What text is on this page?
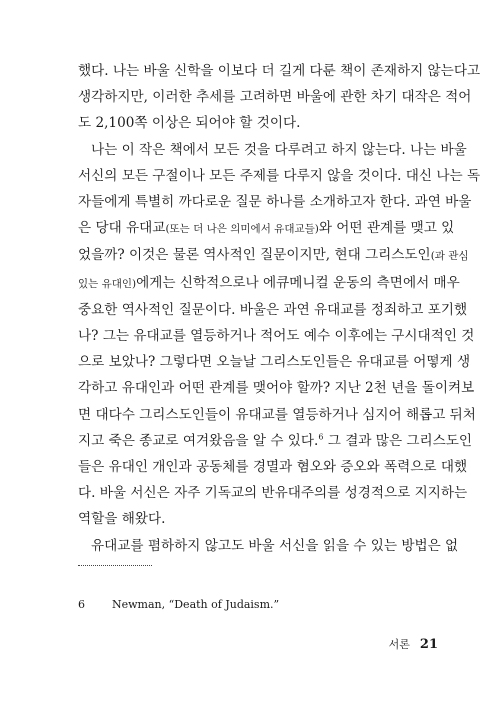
했다. 나는 바울 신학을 이보다 더 길게 다룬 책이 존재하지 않는다고
생각하지만, 이러한 추세를 고려하면 바울에 관한 차기 대작은 적어
도 2,100쪽 이상은 되어야 할 것이다.
나는 이 작은 책에서 모든 것을 다루려고 하지 않는다. 나는 바울
서신의 모든 구절이나 모든 주제를 다루지 않을 것이다. 대신 나는 독
자들에게 특별히 까다로운 질문 하나를 소개하고자 한다. 과연 바울
은 당대 유대교(또는 더 나은 의미에서 유대교들)와 어떤 관계를 맺고 있
었을까? 이것은 물론 역사적인 질문이지만, 현대 그리스도인(과 관심
있는 유대인)에게는 신학적으로나 에큐메니컬 운동의 측면에서 매우
중요한 역사적인 질문이다. 바울은 과연 유대교를 정죄하고 포기했
나? 그는 유대교를 열등하거나 적어도 예수 이후에는 구시대적인 것
으로 보았나? 그렇다면 오늘날 그리스도인들은 유대교를 어떻게 생
각하고 유대인과 어떤 관계를 맺어야 할까? 지난 2천 년을 돌이켜보
면 대다수 그리스도인들이 유대교를 열등하거나 심지어 해롭고 뒤처
지고 죽은 종교로 여겨왔음을 알 수 있다.$^6$ 그 결과 많은 그리스도인
들은 유대인 개인과 공동체를 경멸과 혐오와 증오와 폭력으로 대했
다. 바울 서신은 자주 기독교의 반유대주의를 성경적으로 지지하는
역할을 해왔다.
유대교를 폄하하지 않고도 바울 서신을 읽을 수 있는 방법은 없
6 Newman, “Death of Judaism.”
서론 21
